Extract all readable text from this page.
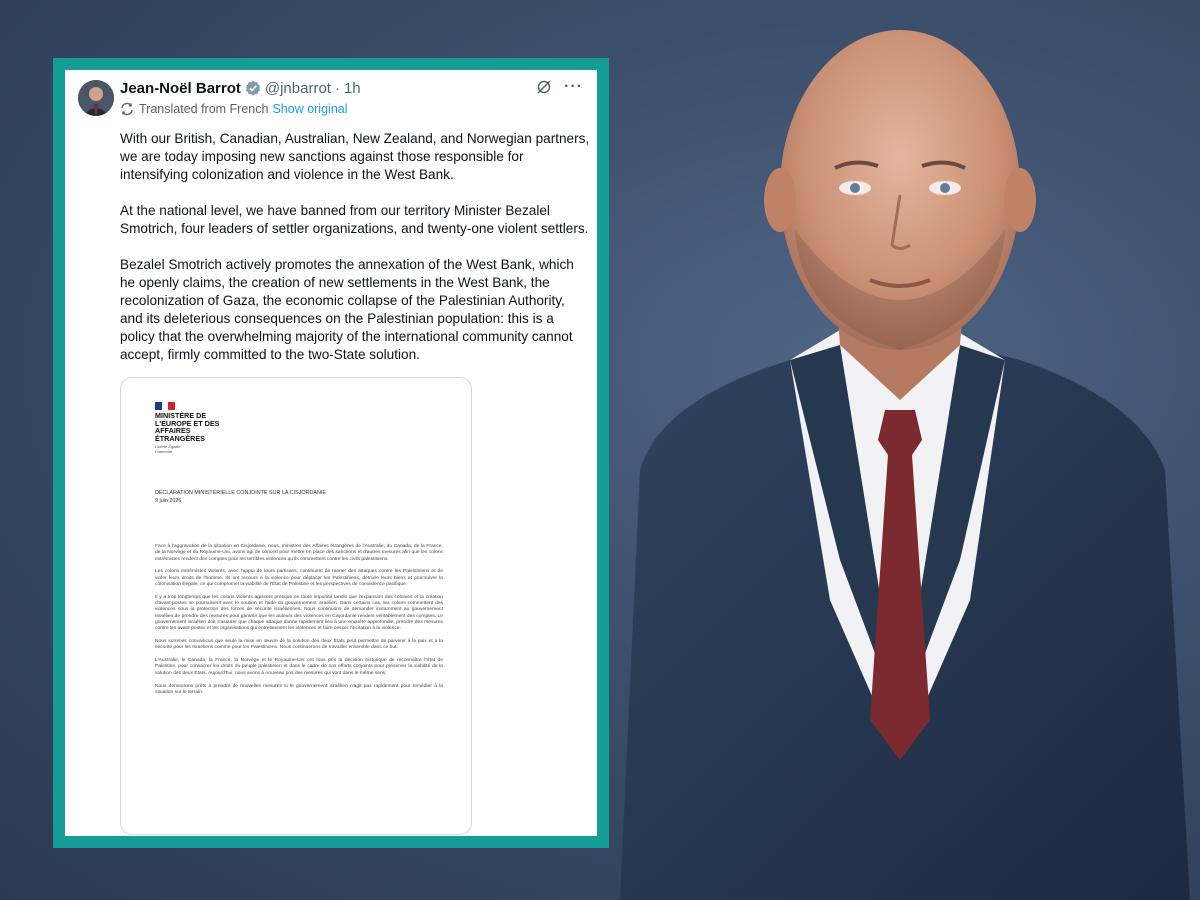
Jean-Noël Barrot @jnbarrot · 1h
Translated from French Show original
···

With our British, Canadian, Australian, New Zealand, and Norwegian partners, we are today imposing new sanctions against those responsible for intensifying colonization and violence in the West Bank.

At the national level, we have banned from our territory Minister Bezalel Smotrich, four leaders of settler organizations, and twenty-one violent settlers.

Bezalel Smotrich actively promotes the annexation of the West Bank, which he openly claims, the creation of new settlements in the West Bank, the recolonization of Gaza, the economic collapse of the Palestinian Authority, and its deleterious consequences on the Palestinian population: this is a policy that the overwhelming majority of the international community cannot accept, firmly committed to the two-State solution.

MINISTÈRE DE L'EUROPE ET DES AFFAIRES ÉTRANGÈRES
Liberté Égalité Fraternité
DÉCLARATION MINISTÉRIELLE CONJOINTE SUR LA CISJORDANIE
9 juin 2026

Face à l'aggravation de la situation en Cisjordanie, nous, ministres des Affaires étrangères de l'Australie, du Canada, de la France, de la Norvège et du Royaume-Uni, avons agi de concert pour mettre en place des sanctions et d'autres mesures afin que les colons extrémistes rendent des comptes pour les terribles violences qu'ils commettent contre les civils palestiniens.

Les colons extrémistes violents, avec l'appui de leurs partisans, continuent de mener des attaques contre les Palestiniens et de violer leurs droits de l'homme. Ils ont recours à la violence pour déplacer les Palestiniens, détruire leurs biens et poursuivre la colonisation illégale, ce qui compromet la viabilité de l'État de Palestine et les perspectives de coexistence pacifique.

Il y a trop longtemps que les colons violents agissent presque en toute impunité tandis que l'expansion des colonies et la création d'avant-postes se poursuivent avec le soutien et l'aide du gouvernement israélien. Dans certains cas, les colons commettent des violences sous la protection des forces de sécurité israéliennes. Nous continuons de demander instamment au gouvernement israélien de prendre des mesures pour garantir que les auteurs des violences en Cisjordanie rendent véritablement des comptes. Le gouvernement israélien doit s'assurer que chaque attaque donne rapidement lieu à une enquête approfondie, prendre des mesures contre les avant-postes et les organisations qui entretiennent les violences et faire cesser l'incitation à la violence.

Nous sommes convaincus que seule la mise en œuvre de la solution des deux États peut permettre de parvenir à la paix et à la sécurité pour les Israéliens comme pour les Palestiniens. Nous continuerons de travailler ensemble dans ce but.

L'Australie, le Canada, la France, la Norvège et le Royaume-Uni ont tous pris la décision historique de reconnaître l'État de Palestine, pour consacrer les droits du peuple palestinien et dans le cadre de nos efforts conjoints pour préserver la viabilité de la solution des deux États. Aujourd'hui, nous avons à nouveau pris des mesures qui vont dans le même sens.

Nous demeurons prêts à prendre de nouvelles mesures si le gouvernement israélien n'agit pas rapidement pour remédier à la situation sur le terrain.
